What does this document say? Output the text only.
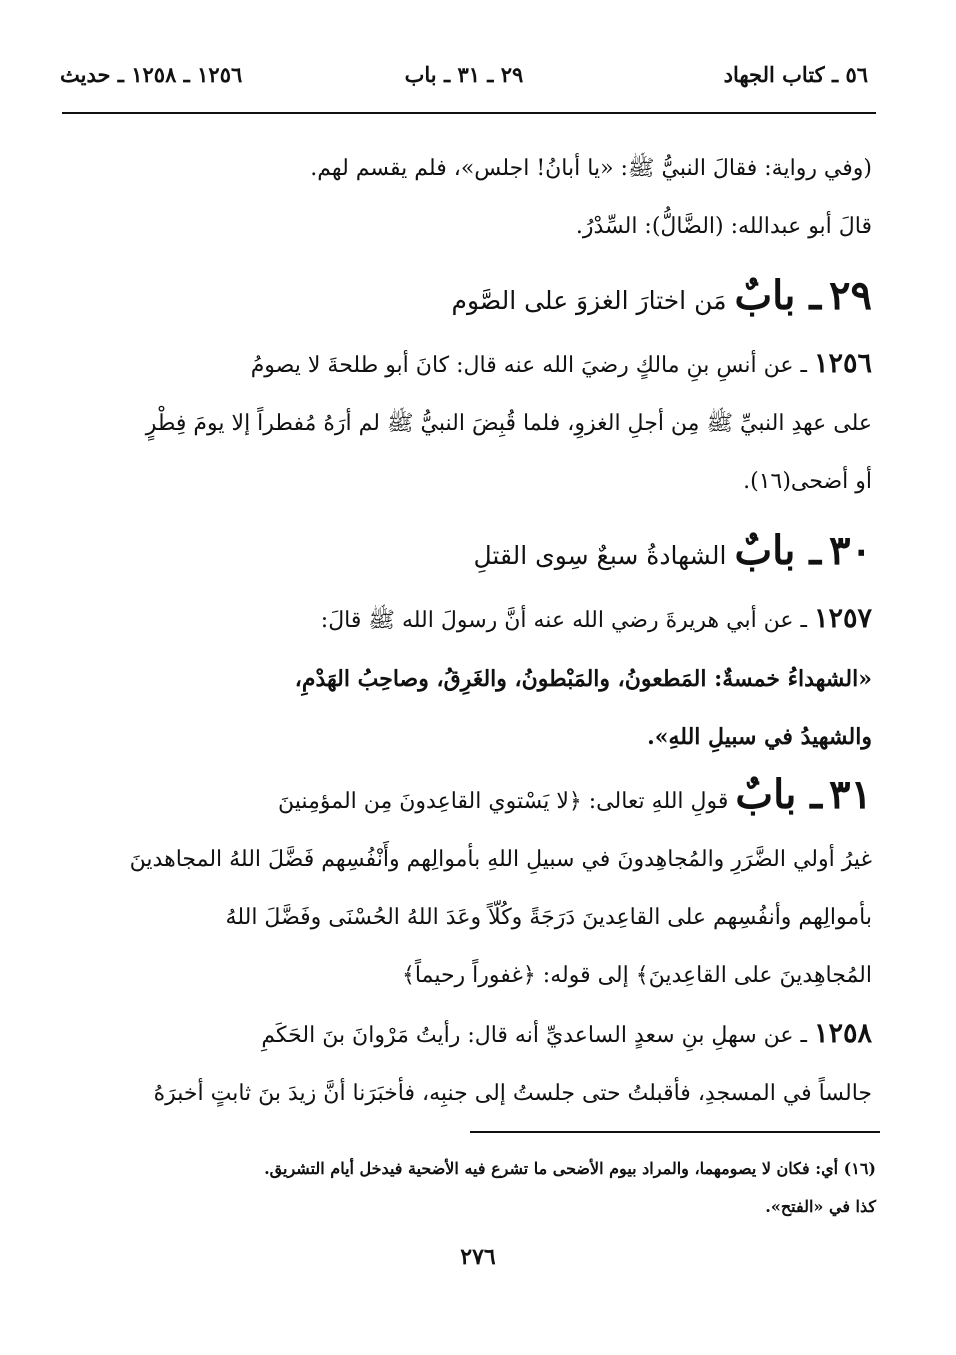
٥٦ ـ كتاب الجهاد
٢٩ ـ ٣١ ـ باب
١٢٥٦ ـ ١٢٥٨ ـ حديث

(وفي رواية: فقالَ النبيُّ ﷺ: «يا أبانُ! اجلس»، فلم يقسم لهم.
قالَ أبو عبدالله: (الضَّالُّ): السِّدْرُ.

٢٩ ـ بابٌ مَن اختارَ الغزوَ على الصَّوم

١٢٥٦ ـ عن أنسِ بنِ مالكٍ رضيَ الله عنه قال: كانَ أبو طلحةَ لا يصومُ
على عهدِ النبيِّ ﷺ مِن أجلِ الغزوِ، فلما قُبِضَ النبيُّ ﷺ لم أرَهُ مُفطراً إلا يومَ فِطْرٍ
أو أضحى(١٦).

٣٠ ـ بابٌ الشهادةُ سبعٌ سِوى القتلِ

١٢٥٧ ـ عن أبي هريرةَ رضي الله عنه أنَّ رسولَ الله ﷺ قالَ:
«الشهداءُ خمسةٌ: المَطعونُ، والمَبْطونُ، والغَرِقُ، وصاحِبُ الهَدْمِ،
والشهيدُ في سبيلِ اللهِ».

٣١ ـ بابٌ قولِ اللهِ تعالى: ﴿لا يَسْتوي القاعِدونَ مِن المؤمِنينَ
غيرُ أولي الضَّرَرِ والمُجاهِدونَ في سبيلِ اللهِ بأموالِهم وأَنْفُسِهم فَضَّلَ اللهُ المجاهدينَ
بأموالِهم وأنفُسِهم على القاعِدينَ دَرَجَةً وكُلّاً وعَدَ اللهُ الحُسْنَى وفَضَّلَ اللهُ
المُجاهِدينَ على القاعِدينَ﴾ إلى قوله: ﴿غفوراً رحيماً﴾

١٢٥٨ ـ عن سهلِ بنِ سعدٍ الساعديِّ أنه قال: رأيتُ مَرْوانَ بنَ الحَكَمِ
جالساً في المسجدِ، فأقبلتُ حتى جلستُ إلى جنبِه، فأخبَرَنا أنَّ زيدَ بنَ ثابتٍ أخبرَهُ

(١٦) أي: فكان لا يصومهما، والمراد بيوم الأضحى ما تشرع فيه الأضحية فيدخل أيام التشريق.

كذا في «الفتح».

٢٧٦
